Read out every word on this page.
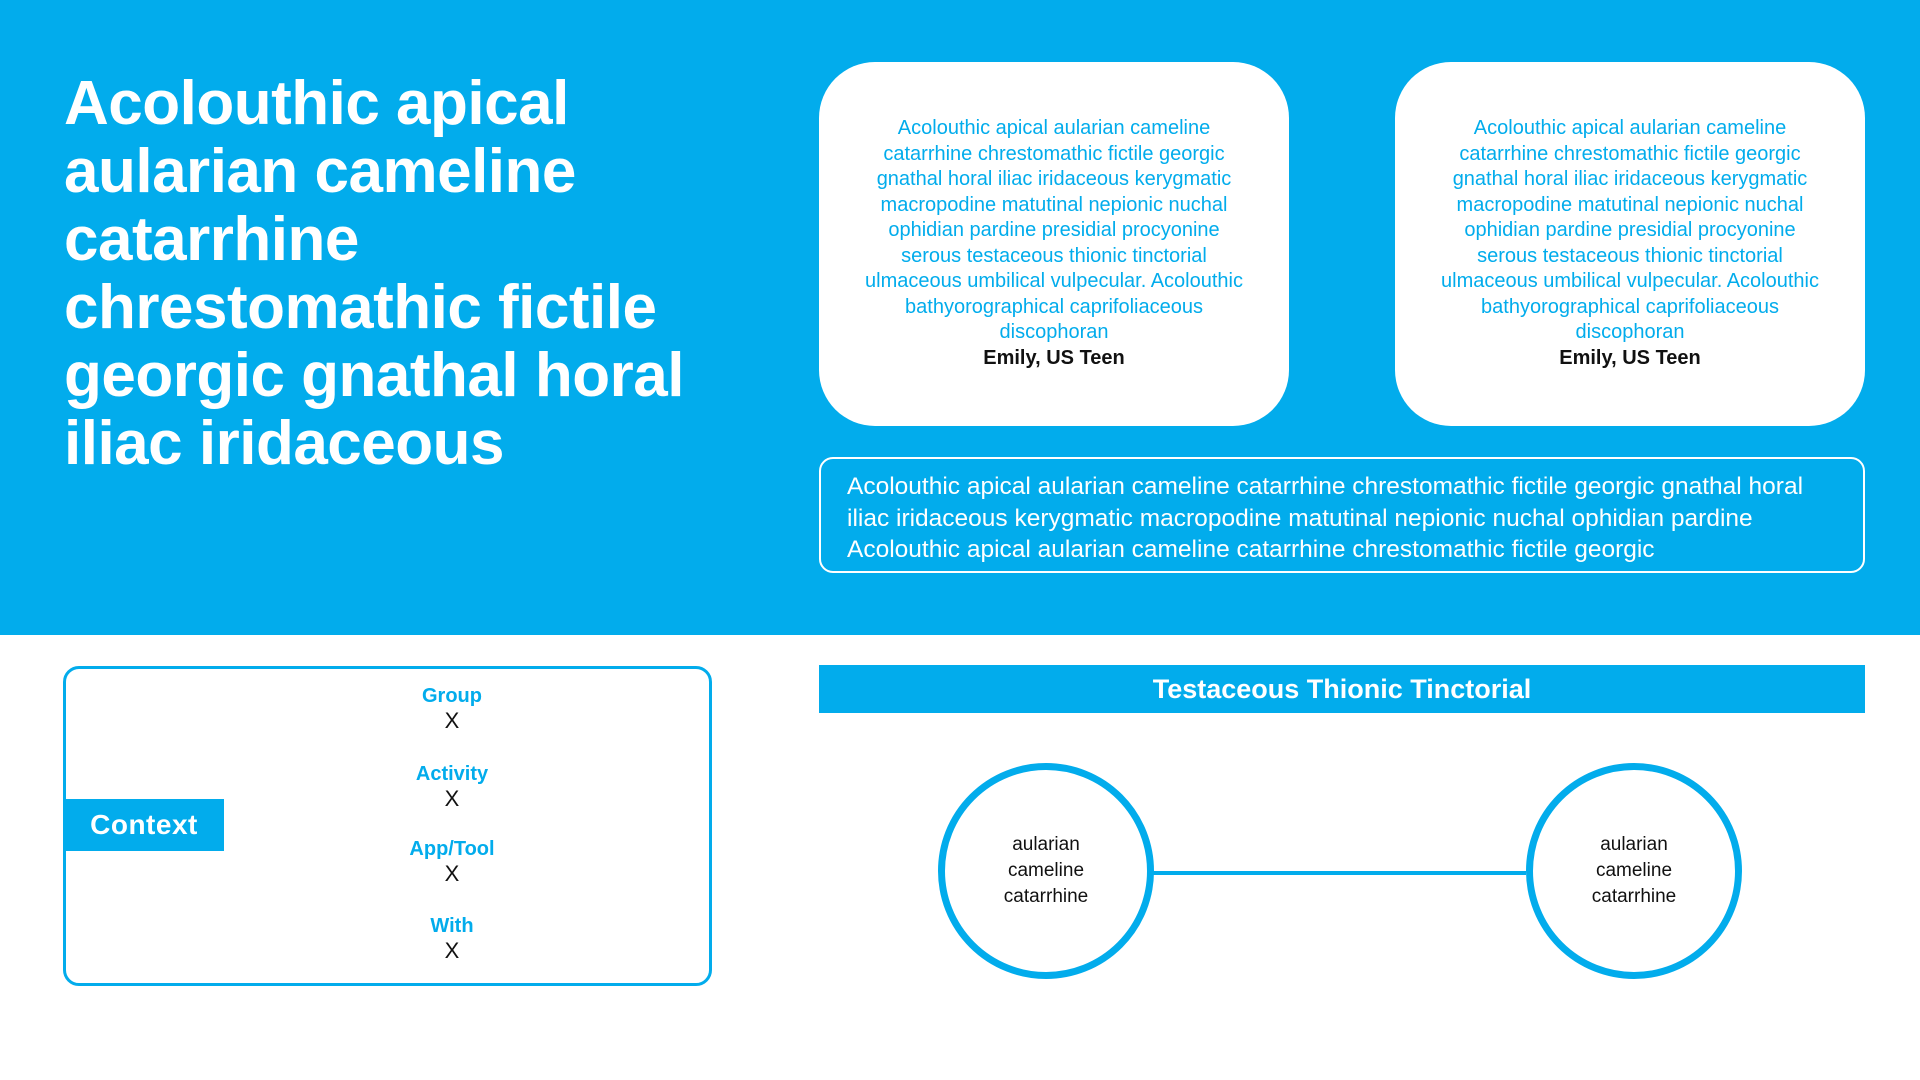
Acolouthic apical aularian cameline catarrhine chrestomathic fictile georgic gnathal horal iliac iridaceous

Acolouthic apical aularian cameline catarrhine chrestomathic fictile georgic gnathal horal iliac iridaceous kerygmatic macropodine matutinal nepionic nuchal ophidian pardine presidial procyonine serous testaceous thionic tinctorial ulmaceous umbilical vulpecular. Acolouthic bathyorographical caprifoliaceous discophoran

Emily, US Teen

Acolouthic apical aularian cameline catarrhine chrestomathic fictile georgic gnathal horal iliac iridaceous kerygmatic macropodine matutinal nepionic nuchal ophidian pardine presidial procyonine serous testaceous thionic tinctorial ulmaceous umbilical vulpecular. Acolouthic bathyorographical caprifoliaceous discophoran

Emily, US Teen

Acolouthic apical aularian cameline catarrhine chrestomathic fictile georgic gnathal horal iliac iridaceous kerygmatic macropodine matutinal nepionic nuchal ophidian pardine Acolouthic apical aularian cameline catarrhine chrestomathic fictile georgic
Context
Group
X
Activity
X
App/Tool
X
With
X
Testaceous Thionic Tinctorial
aularian cameline catarrhine
aularian cameline catarrhine
